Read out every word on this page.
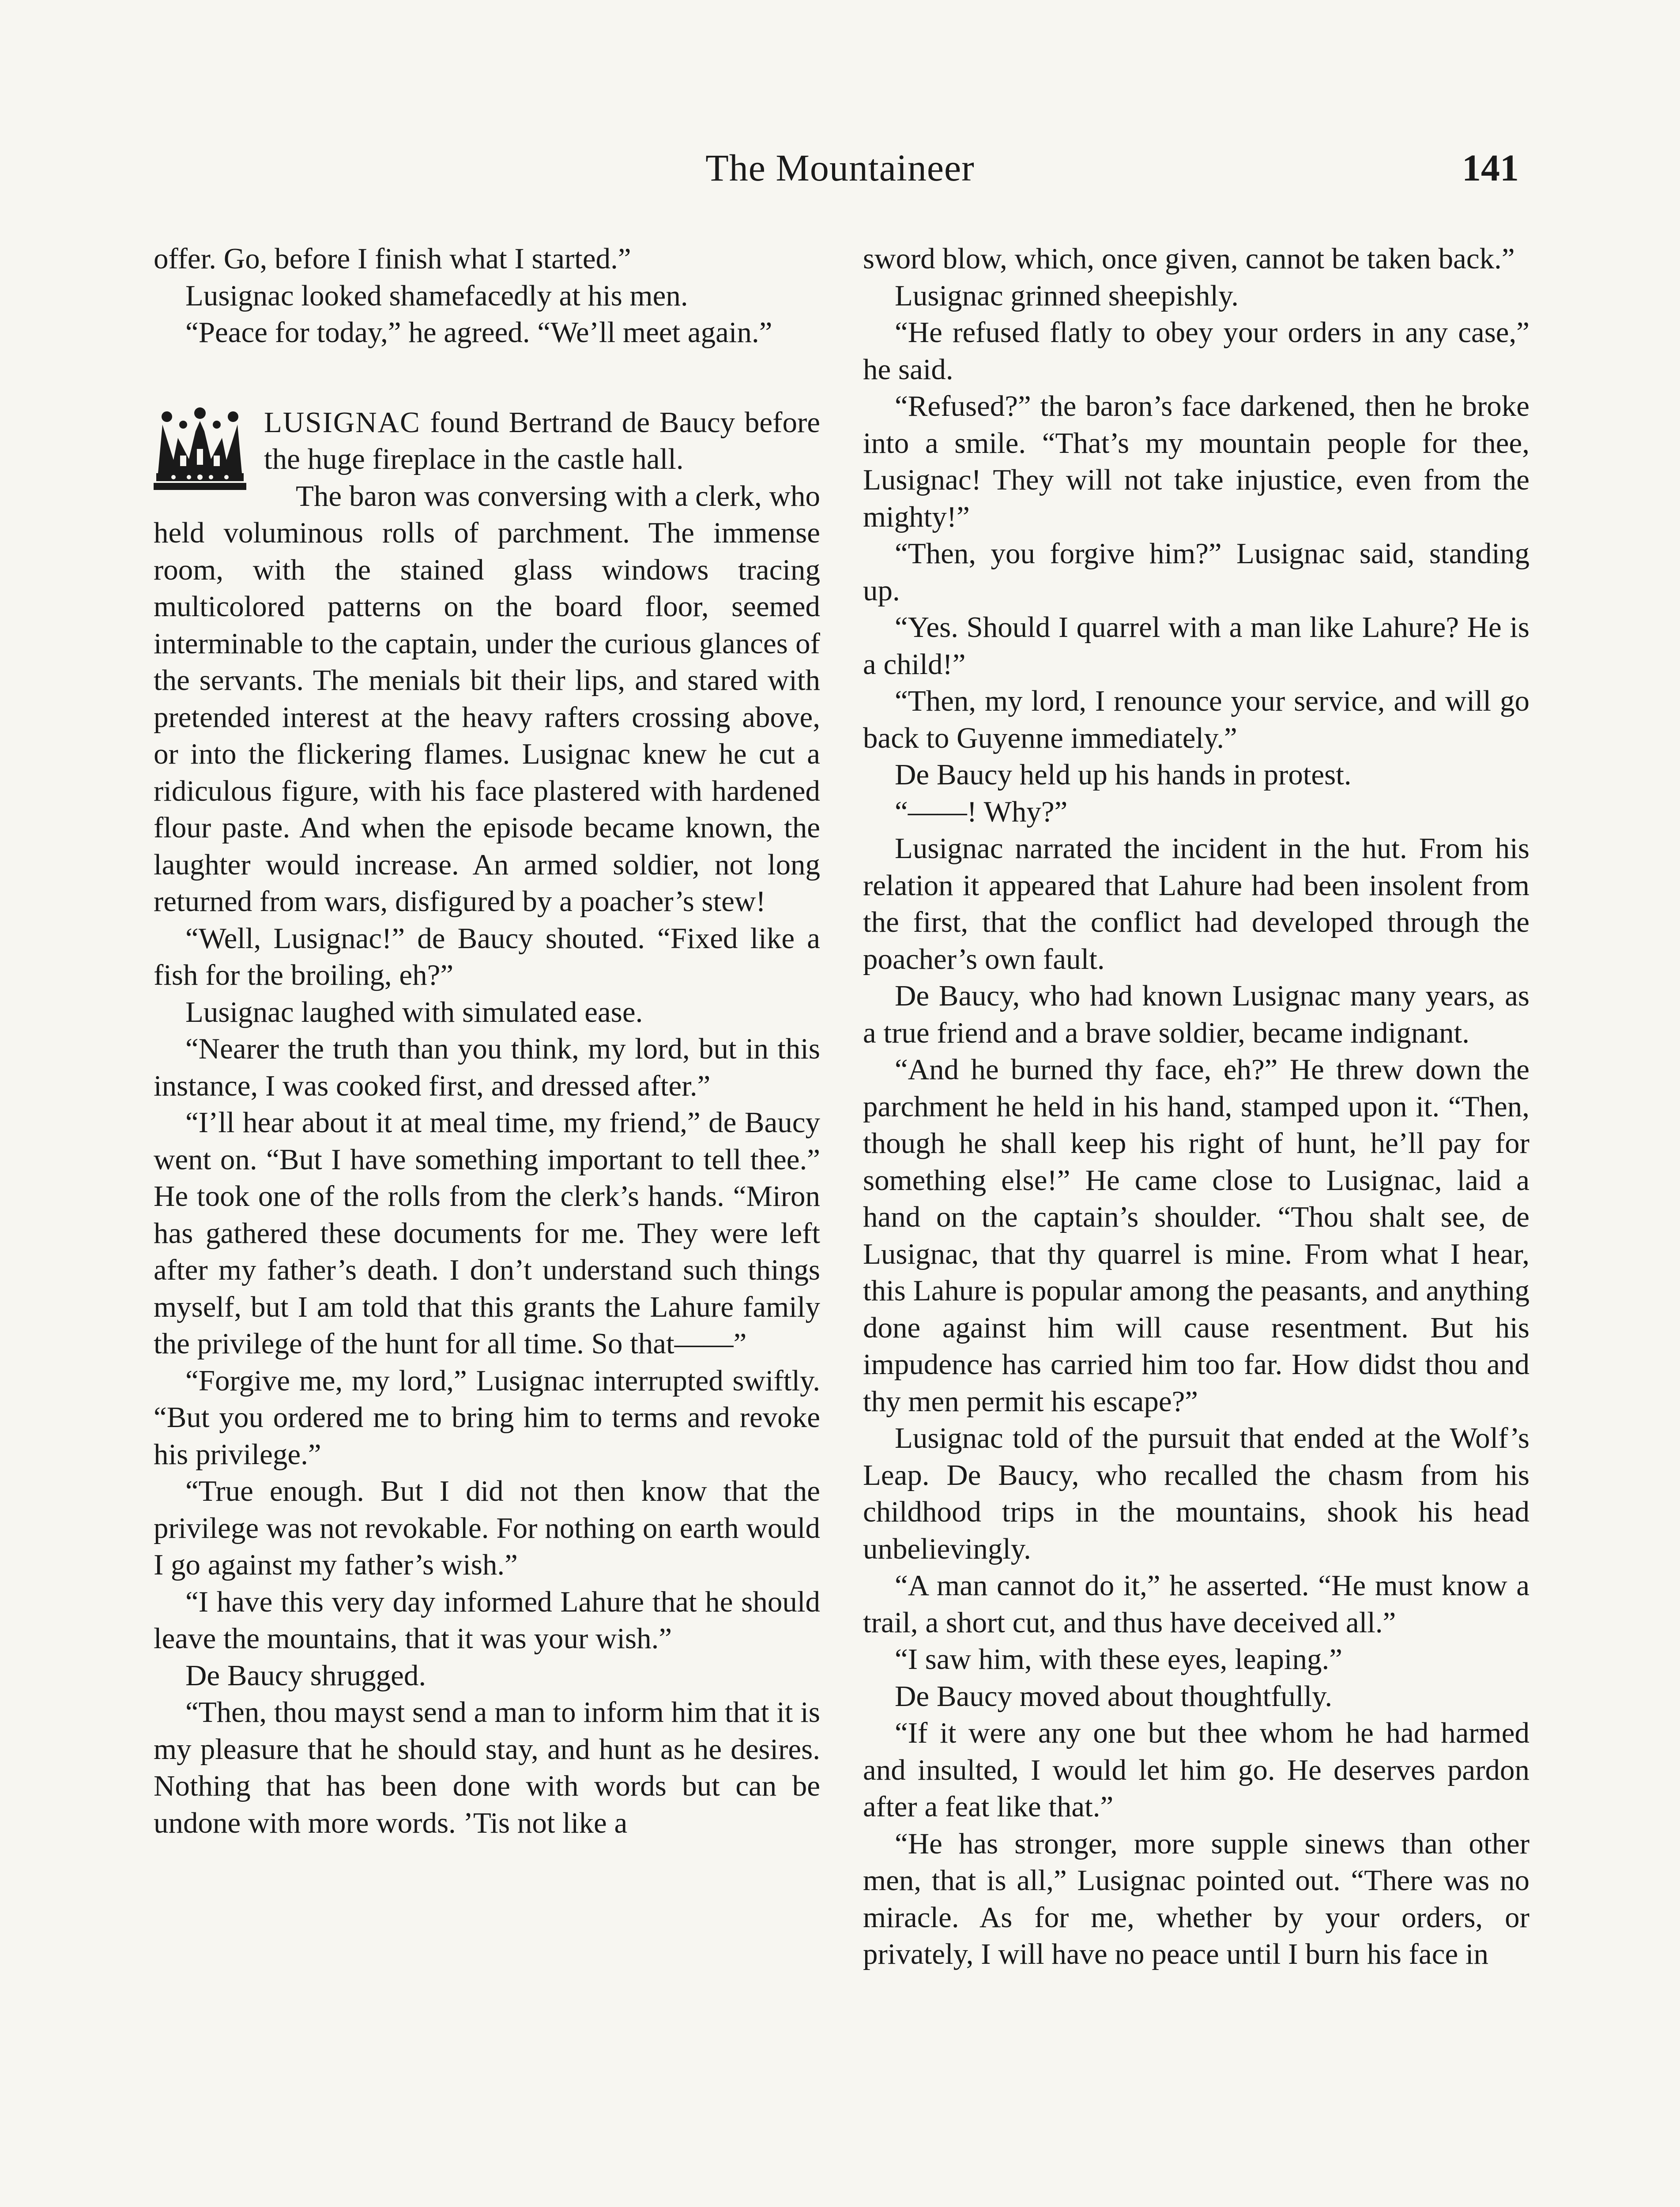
The Mountaineer	141

offer. Go, before I finish what I started.”

Lusignac looked shamefacedly at his men.

“Peace for today,” he agreed. “We’ll meet again.”

LUSIGNAC found Bertrand de Baucy before the huge fireplace in the castle hall.

The baron was conversing with a clerk, who held voluminous rolls of parchment. The immense room, with the stained glass windows tracing multicolored patterns on the board floor, seemed interminable to the captain, under the curious glances of the servants. The menials bit their lips, and stared with pretended interest at the heavy rafters crossing above, or into the flickering flames. Lusignac knew he cut a ridiculous figure, with his face plastered with hardened flour paste. And when the episode became known, the laughter would increase. An armed soldier, not long returned from wars, disfigured by a poacher’s stew!

“Well, Lusignac!” de Baucy shouted. “Fixed like a fish for the broiling, eh?”

Lusignac laughed with simulated ease.

“Nearer the truth than you think, my lord, but in this instance, I was cooked first, and dressed after.”

“I’ll hear about it at meal time, my friend,” de Baucy went on. “But I have something important to tell thee.” He took one of the rolls from the clerk’s hands. “Miron has gathered these documents for me. They were left after my father’s death. I don’t understand such things myself, but I am told that this grants the Lahure family the privilege of the hunt for all time. So that——”

“Forgive me, my lord,” Lusignac interrupted swiftly. “But you ordered me to bring him to terms and revoke his privilege.”

“True enough. But I did not then know that the privilege was not revokable. For nothing on earth would I go against my father’s wish.”

“I have this very day informed Lahure that he should leave the mountains, that it was your wish.”

De Baucy shrugged.

“Then, thou mayst send a man to inform him that it is my pleasure that he should stay, and hunt as he desires. Nothing that has been done with words but can be undone with more words. ’Tis not like a

sword blow, which, once given, cannot be taken back.”

Lusignac grinned sheepishly.

“He refused flatly to obey your orders in any case,” he said.

“Refused?” the baron’s face darkened, then he broke into a smile. “That’s my mountain people for thee, Lusignac! They will not take injustice, even from the mighty!”

“Then, you forgive him?” Lusignac said, standing up.

“Yes. Should I quarrel with a man like Lahure? He is a child!”

“Then, my lord, I renounce your service, and will go back to Guyenne immediately.”

De Baucy held up his hands in protest.

“——! Why?”

Lusignac narrated the incident in the hut. From his relation it appeared that Lahure had been insolent from the first, that the conflict had developed through the poacher’s own fault.

De Baucy, who had known Lusignac many years, as a true friend and a brave soldier, became indignant.

“And he burned thy face, eh?” He threw down the parchment he held in his hand, stamped upon it. “Then, though he shall keep his right of hunt, he’ll pay for something else!” He came close to Lusignac, laid a hand on the captain’s shoulder. “Thou shalt see, de Lusignac, that thy quarrel is mine. From what I hear, this Lahure is popular among the peasants, and anything done against him will cause resentment. But his impudence has carried him too far. How didst thou and thy men permit his escape?”

Lusignac told of the pursuit that ended at the Wolf’s Leap. De Baucy, who recalled the chasm from his childhood trips in the mountains, shook his head unbelievingly.

“A man cannot do it,” he asserted. “He must know a trail, a short cut, and thus have deceived all.”

“I saw him, with these eyes, leaping.”

De Baucy moved about thoughtfully.

“If it were any one but thee whom he had harmed and insulted, I would let him go. He deserves pardon after a feat like that.”

“He has stronger, more supple sinews than other men, that is all,” Lusignac pointed out. “There was no miracle. As for me, whether by your orders, or privately, I will have no peace until I burn his face in
